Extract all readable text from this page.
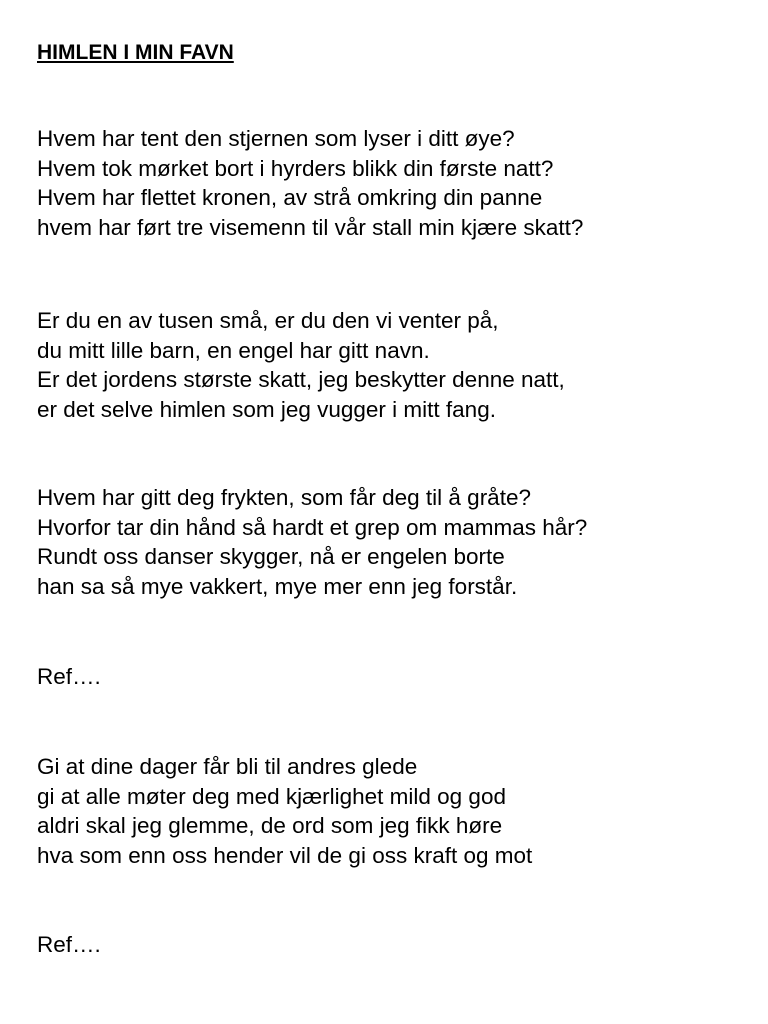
HIMLEN I MIN FAVN
Hvem har tent den stjernen som lyser i ditt øye?
Hvem tok mørket bort i hyrders blikk din første natt?
Hvem har flettet kronen, av strå omkring din panne
hvem har ført tre visemenn til vår stall min kjære skatt?
Er du en av tusen små, er du den vi venter på,
du mitt lille barn, en engel har gitt navn.
Er det jordens største skatt, jeg beskytter denne natt,
er det selve himlen som jeg vugger i mitt fang.
Hvem har gitt deg frykten, som får deg til å gråte?
Hvorfor tar din hånd så hardt et grep om mammas hår?
Rundt oss danser skygger, nå er engelen borte
han sa så mye vakkert, mye mer enn jeg forstår.
Ref….
Gi at dine dager får bli til andres glede
gi at alle møter deg med kjærlighet mild og god
aldri skal jeg glemme, de ord som jeg fikk høre
hva som enn oss hender vil de gi oss kraft og mot
Ref….
